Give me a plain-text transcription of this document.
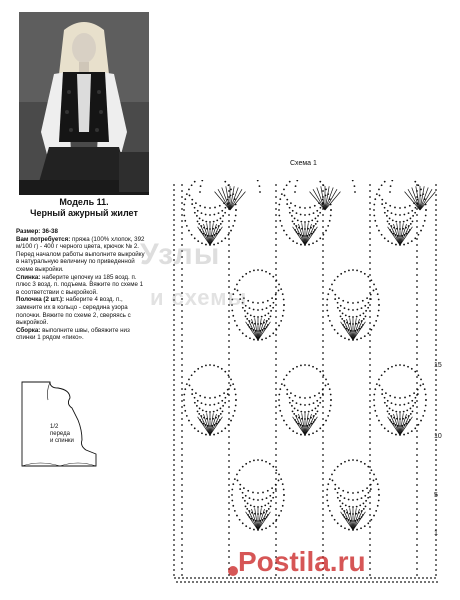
Модель 11.
Черный ажурный жилет

Размер: 36-38

Вам потребуется: пряжа (100% хлопок, 392 м/100 г) - 400 г черного цвета, крючок № 2.

Перед началом работы выполните выкройку в натуральную величину по приведенной схеме выкройки.

Спинка: наберите цепочку из 185 возд. п. плюс 3 возд. п. подъема. Вяжите по схеме 1 в соответствии с выкройкой.

Полочка (2 шт.): наберите 4 возд. п., замкните их в кольцо - середина узора полочки. Вяжите по схеме 2, сверяясь с выкройкой.

Сборка: выполните швы, обвяжите низ спинки 1 рядом «пико».

1/2
переда
и спинки
Схема 1
15
10
5
1
Узлы
и схемы
Postila.ru
